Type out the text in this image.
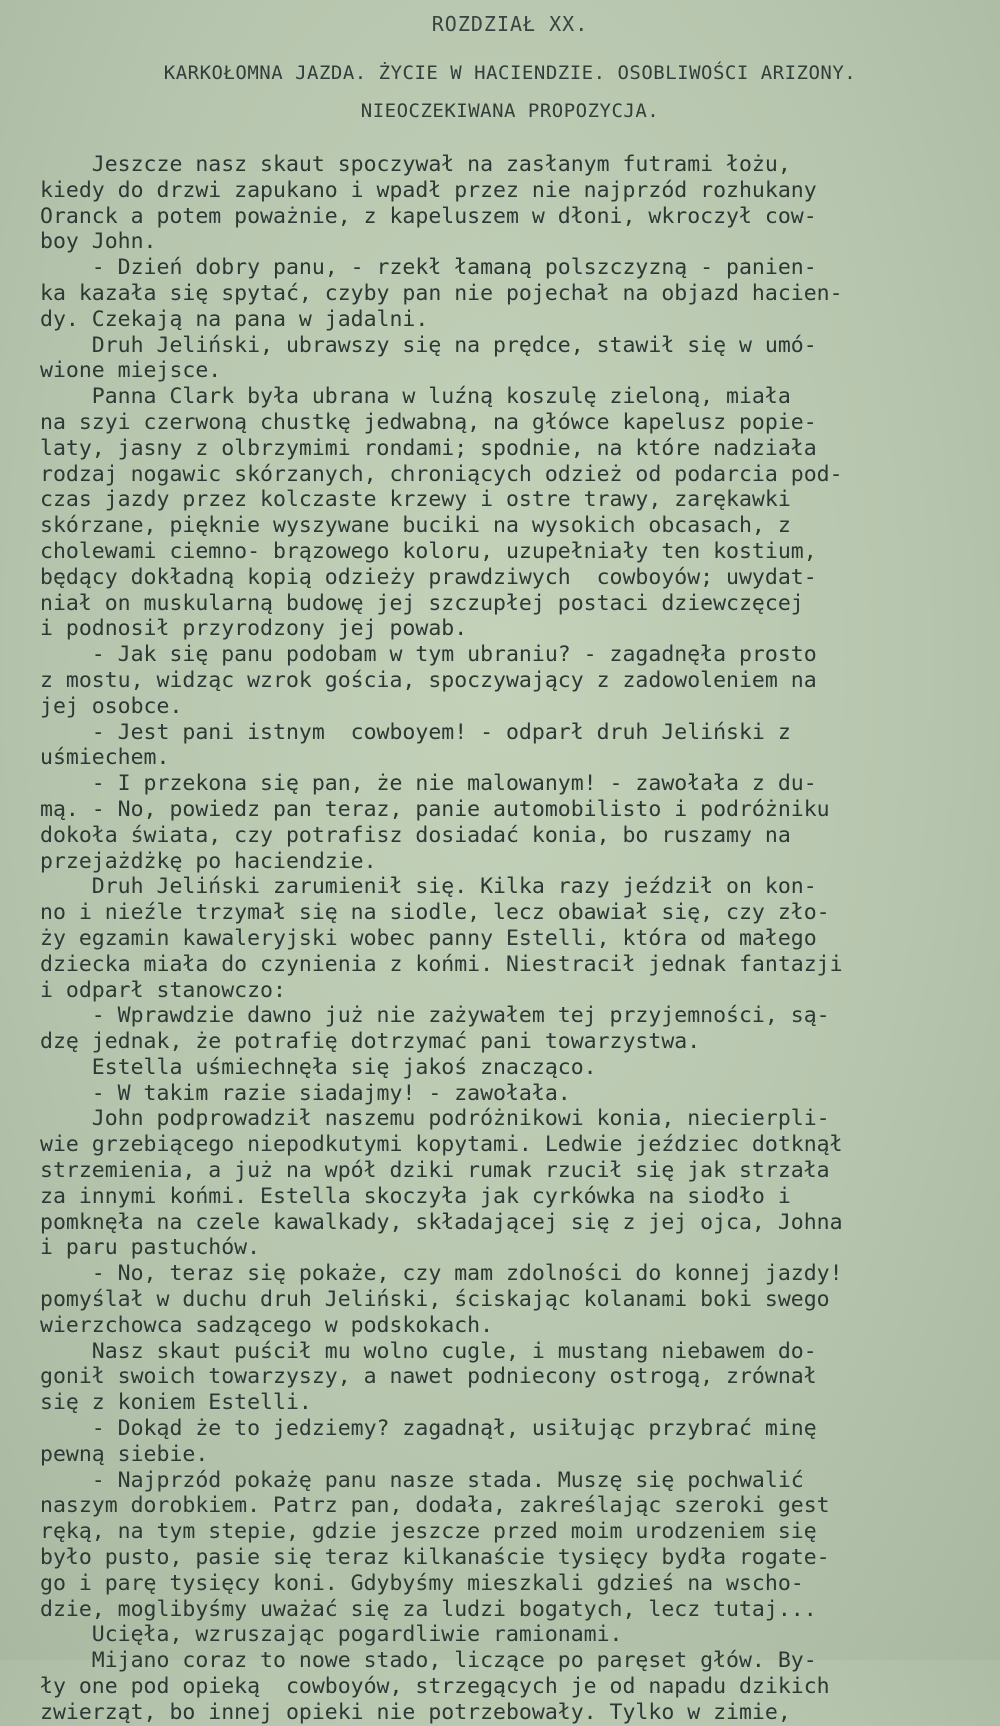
ROZDZIAŁ XX.
KARKOŁOMNA JAZDA. ŻYCIE W HACIENDZIE. OSOBLIWOŚCI ARIZONY.
NIEOCZEKIWANA PROPOZYCJA.
Jeszcze nasz skaut spoczywał na zasłanym futrami łożu,
kiedy do drzwi zapukano i wpadł przez nie najprzód rozhukany
Oranck a potem poważnie, z kapeluszem w dłoni, wkroczył cow-
boy John.
- Dzień dobry panu, - rzekł łamaną polszczyzną - panien-
ka kazała się spytać, czyby pan nie pojechał na objazd hacien-
dy. Czekają na pana w jadalni.
Druh Jeliński, ubrawszy się na prędce, stawił się w umó-
wione miejsce.
Panna Clark była ubrana w luźną koszulę zieloną, miała
na szyi czerwoną chustkę jedwabną, na główce kapelusz popie-
laty, jasny z olbrzymimi rondami; spodnie, na które nadziała
rodzaj nogawic skórzanych, chroniących odzież od podarcia pod-
czas jazdy przez kolczaste krzewy i ostre trawy, zarękawki
skórzane, pięknie wyszywane buciki na wysokich obcasach, z
cholewami ciemno- brązowego koloru, uzupełniały ten kostium,
będący dokładną kopią odzieży prawdziwych  cowboyów; uwydat-
niał on muskularną budowę jej szczupłej postaci dziewczęcej
i podnosił przyrodzony jej powab.
- Jak się panu podobam w tym ubraniu? - zagadnęła prosto
z mostu, widząc wzrok gościa, spoczywający z zadowoleniem na
jej osobce.
- Jest pani istnym  cowboyem! - odparł druh Jeliński z
uśmiechem.
- I przekona się pan, że nie malowanym! - zawołała z du-
mą. - No, powiedz pan teraz, panie automobilisto i podróżniku
dokoła świata, czy potrafisz dosiadać konia, bo ruszamy na
przejażdżkę po haciendzie.
Druh Jeliński zarumienił się. Kilka razy jeździł on kon-
no i nieźle trzymał się na siodle, lecz obawiał się, czy zło-
ży egzamin kawaleryjski wobec panny Estelli, która od małego
dziecka miała do czynienia z końmi. Niestracił jednak fantazji
i odparł stanowczo:
- Wprawdzie dawno już nie zażywałem tej przyjemności, są-
dzę jednak, że potrafię dotrzymać pani towarzystwa.
Estella uśmiechnęła się jakoś znacząco.
- W takim razie siadajmy! - zawołała.
John podprowadził naszemu podróżnikowi konia, niecierpli-
wie grzebiącego niepodkutymi kopytami. Ledwie jeździec dotknął
strzemienia, a już na wpół dziki rumak rzucił się jak strzała
za innymi końmi. Estella skoczyła jak cyrkówka na siodło i
pomknęła na czele kawalkady, składającej się z jej ojca, Johna
i paru pastuchów.
- No, teraz się pokaże, czy mam zdolności do konnej jazdy!
pomyślał w duchu druh Jeliński, ściskając kolanami boki swego
wierzchowca sadzącego w podskokach.
Nasz skaut puścił mu wolno cugle, i mustang niebawem do-
gonił swoich towarzyszy, a nawet podniecony ostrogą, zrównał
się z koniem Estelli.
- Dokąd że to jedziemy? zagadnął, usiłując przybrać minę
pewną siebie.
- Najprzód pokażę panu nasze stada. Muszę się pochwalić
naszym dorobkiem. Patrz pan, dodała, zakreślając szeroki gest
ręką, na tym stepie, gdzie jeszcze przed moim urodzeniem się
było pusto, pasie się teraz kilkanaście tysięcy bydła rogate-
go i parę tysięcy koni. Gdybyśmy mieszkali gdzieś na wscho-
dzie, moglibyśmy uważać się za ludzi bogatych, lecz tutaj...
Ucięła, wzruszając pogardliwie ramionami.
Mijano coraz to nowe stado, liczące po paręset głów. By-
ły one pod opieką  cowboyów, strzegących je od napadu dzikich
zwierząt, bo innej opieki nie potrzebowały. Tylko w zimie,
